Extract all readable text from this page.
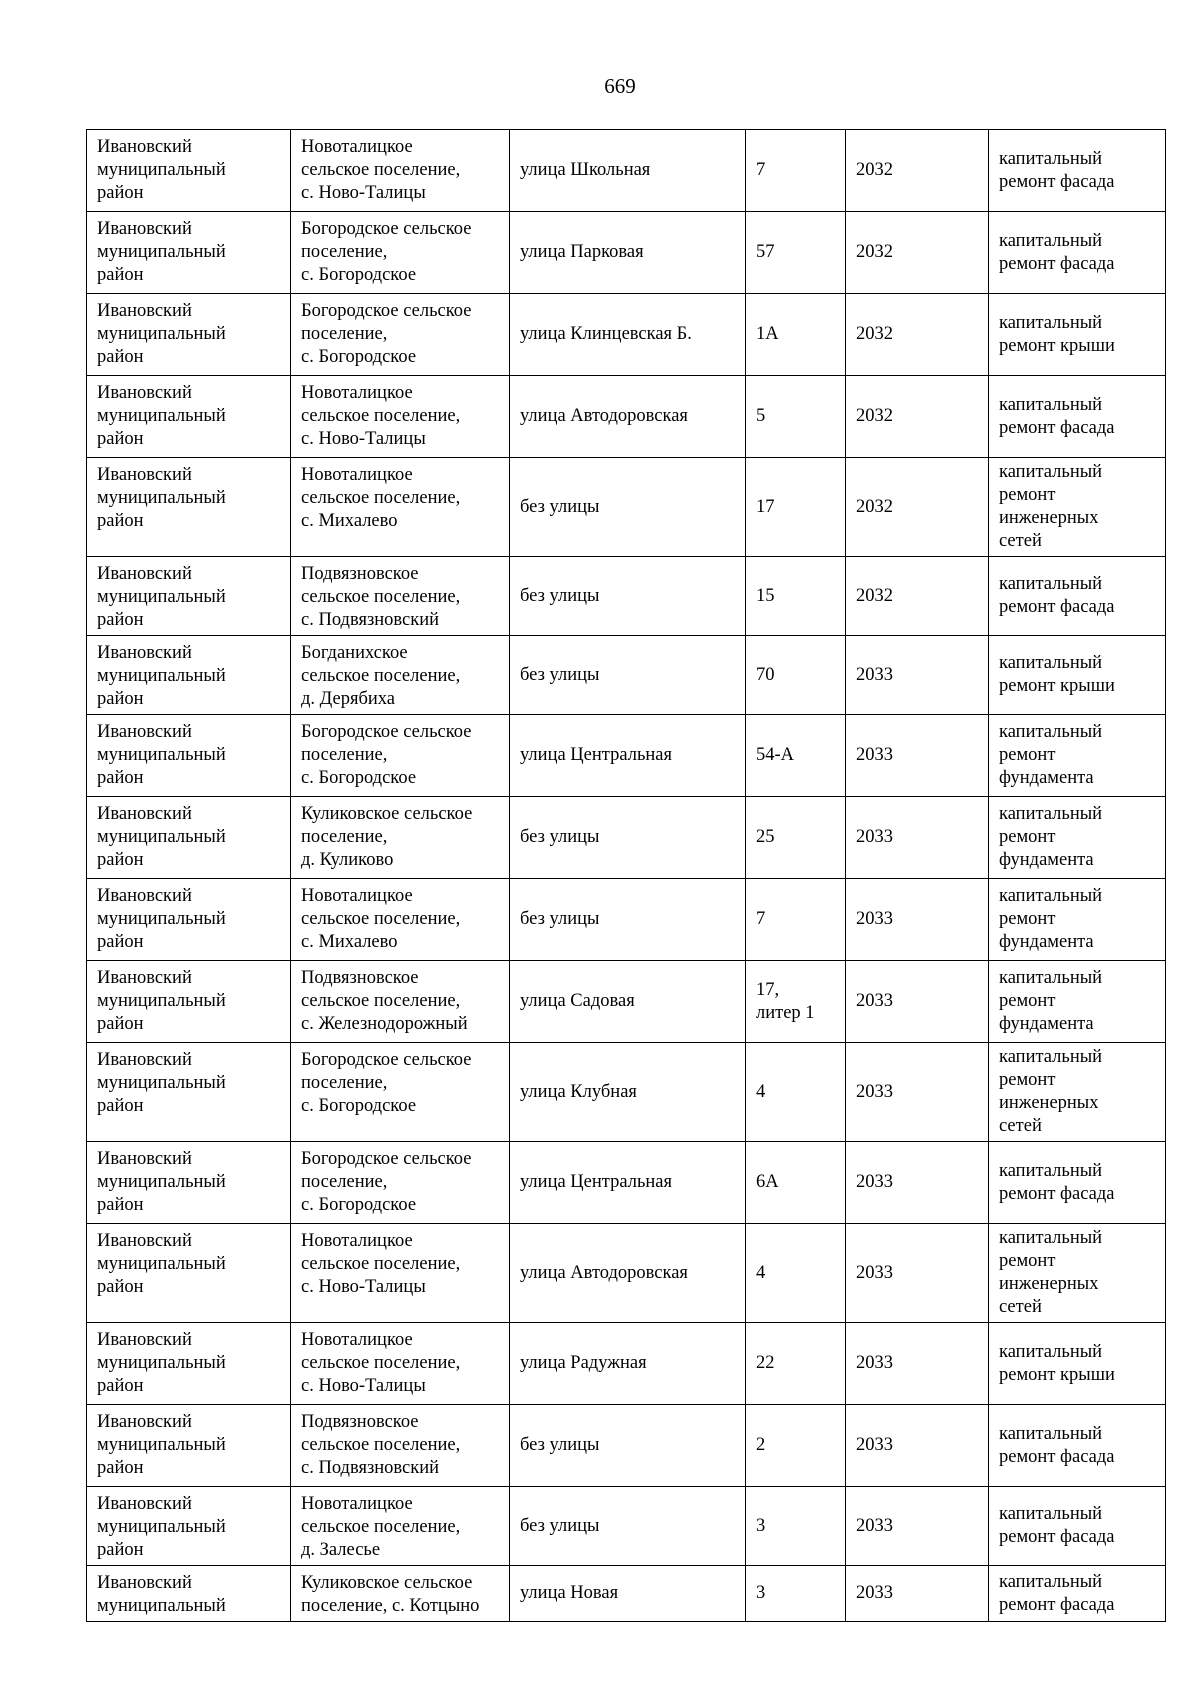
669
Ивановский
муниципальный
район	Новоталицкое
сельское поселение,
с. Ново-Талицы	улица Школьная	7	2032	капитальный
ремонт фасада

Ивановский
муниципальный
район	Богородское сельское
поселение,
с. Богородское	улица Парковая	57	2032	капитальный
ремонт фасада

Ивановский
муниципальный
район	Богородское сельское
поселение,
с. Богородское	улица Клинцевская Б.	1А	2032	капитальный
ремонт крыши

Ивановский
муниципальный
район	Новоталицкое
сельское поселение,
с. Ново-Талицы	улица Автодоровская	5	2032	капитальный
ремонт фасада

Ивановский
муниципальный
район	Новоталицкое
сельское поселение,
с. Михалево	без улицы	17	2032	капитальный
ремонт
инженерных
сетей

Ивановский
муниципальный
район	Подвязновское
сельское поселение,
с. Подвязновский	без улицы	15	2032	капитальный
ремонт фасада

Ивановский
муниципальный
район	Богданихское
сельское поселение,
д. Дерябиха	без улицы	70	2033	капитальный
ремонт крыши

Ивановский
муниципальный
район	Богородское сельское
поселение,
с. Богородское	улица Центральная	54-А	2033	капитальный
ремонт
фундамента

Ивановский
муниципальный
район	Куликовское сельское
поселение,
д. Куликово	без улицы	25	2033	капитальный
ремонт
фундамента

Ивановский
муниципальный
район	Новоталицкое
сельское поселение,
с. Михалево	без улицы	7	2033	капитальный
ремонт
фундамента

Ивановский
муниципальный
район	Подвязновское
сельское поселение,
с. Железнодорожный	улица Садовая	17,
литер 1	2033	капитальный
ремонт
фундамента

Ивановский
муниципальный
район	Богородское сельское
поселение,
с. Богородское	улица Клубная	4	2033	капитальный
ремонт
инженерных
сетей

Ивановский
муниципальный
район	Богородское сельское
поселение,
с. Богородское	улица Центральная	6А	2033	капитальный
ремонт фасада

Ивановский
муниципальный
район	Новоталицкое
сельское поселение,
с. Ново-Талицы	улица Автодоровская	4	2033	капитальный
ремонт
инженерных
сетей

Ивановский
муниципальный
район	Новоталицкое
сельское поселение,
с. Ново-Талицы	улица Радужная	22	2033	капитальный
ремонт крыши

Ивановский
муниципальный
район	Подвязновское
сельское поселение,
с. Подвязновский	без улицы	2	2033	капитальный
ремонт фасада

Ивановский
муниципальный
район	Новоталицкое
сельское поселение,
д. Залесье	без улицы	3	2033	капитальный
ремонт фасада

Ивановский
муниципальный	Куликовское сельское
поселение, с. Котцыно	улица Новая	3	2033	капитальный
ремонт фасада
